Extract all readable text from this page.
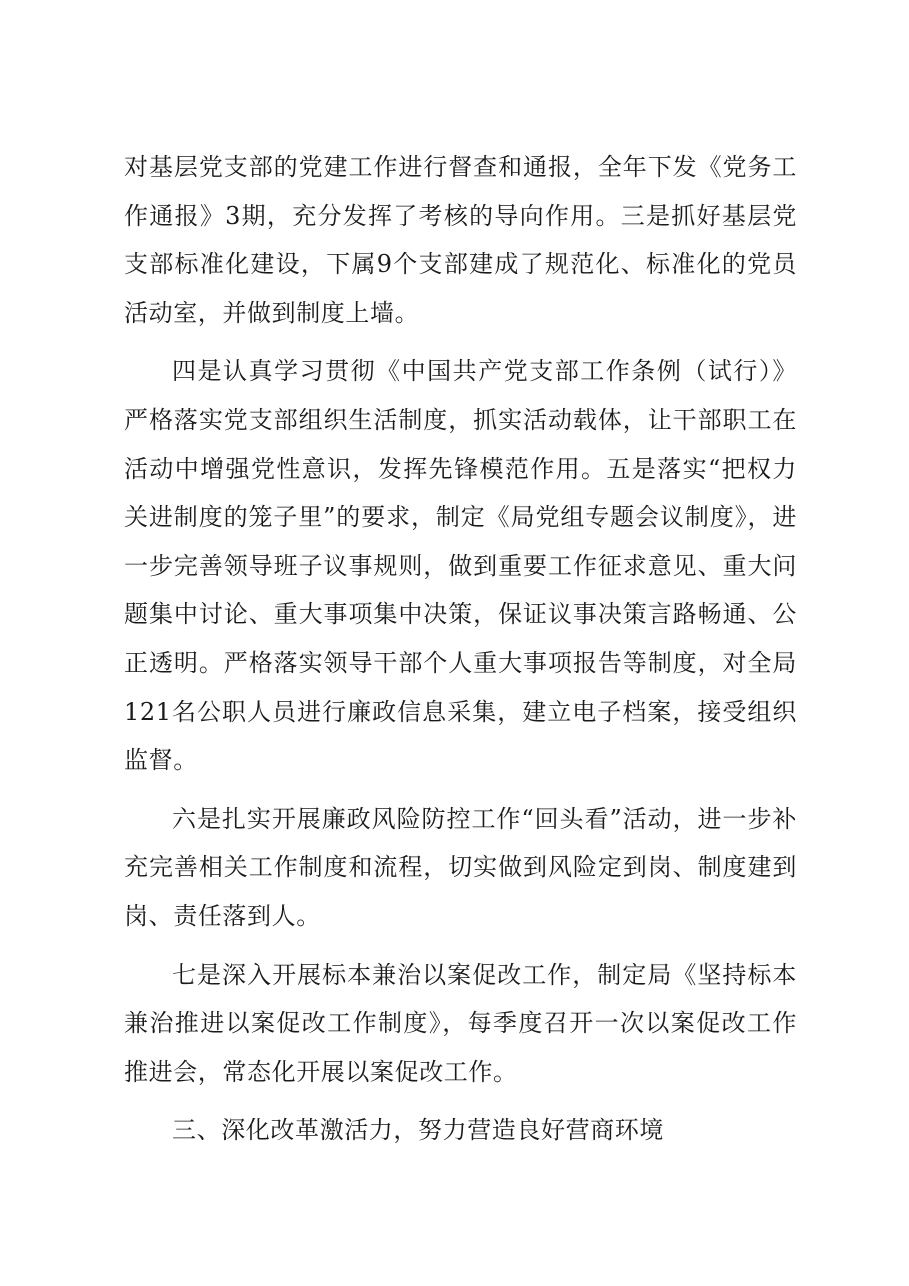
对基层党支部的党建工作进行督查和通报，全年下发《党务工作通报》3期，充分发挥了考核的导向作用。三是抓好基层党支部标准化建设，下属9个支部建成了规范化、标准化的党员活动室，并做到制度上墙。

四是认真学习贯彻《中国共产党支部工作条例（试行）》严格落实党支部组织生活制度，抓实活动载体，让干部职工在活动中增强党性意识，发挥先锋模范作用。五是落实“把权力关进制度的笼子里”的要求，制定《局党组专题会议制度》，进一步完善领导班子议事规则，做到重要工作征求意见、重大问题集中讨论、重大事项集中决策，保证议事决策言路畅通、公正透明。严格落实领导干部个人重大事项报告等制度，对全局121名公职人员进行廉政信息采集，建立电子档案，接受组织监督。

六是扎实开展廉政风险防控工作“回头看”活动，进一步补充完善相关工作制度和流程，切实做到风险定到岗、制度建到岗、责任落到人。

七是深入开展标本兼治以案促改工作，制定局《坚持标本兼治推进以案促改工作制度》，每季度召开一次以案促改工作推进会，常态化开展以案促改工作。

三、深化改革激活力，努力营造良好营商环境
